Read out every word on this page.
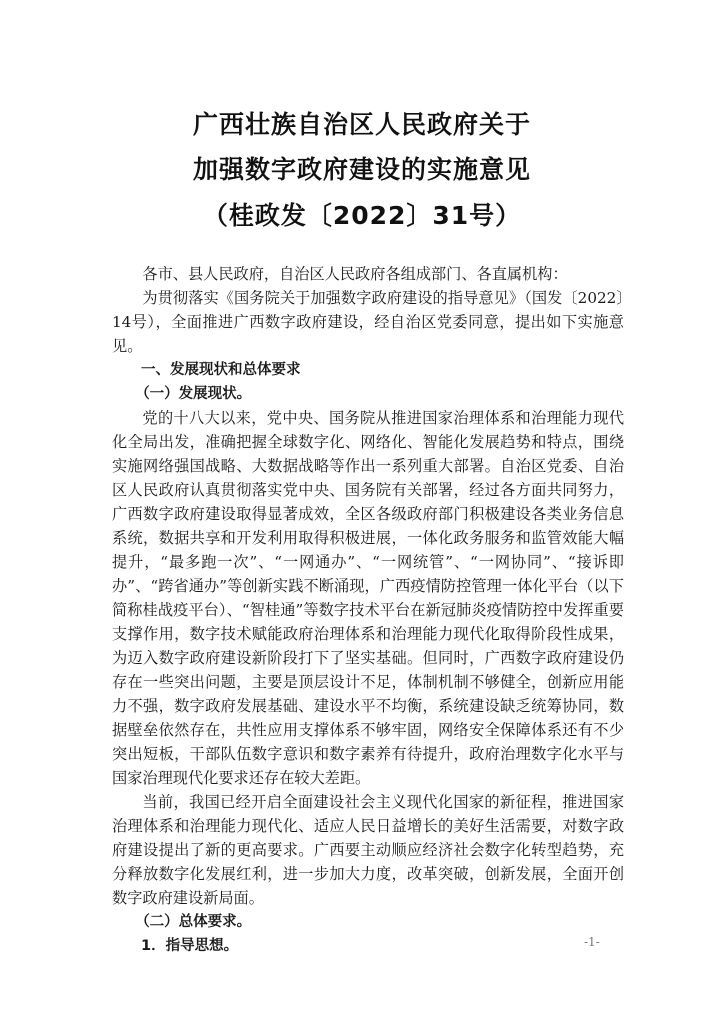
广西壮族自治区人民政府关于
加强数字政府建设的实施意见
（桂政发〔2022〕31号）

各市、县人民政府，自治区人民政府各组成部门、各直属机构：

为贯彻落实《国务院关于加强数字政府建设的指导意见》（国发〔2022〕14号），全面推进广西数字政府建设，经自治区党委同意，提出如下实施意见。

一、发展现状和总体要求

（一）发展现状。

党的十八大以来，党中央、国务院从推进国家治理体系和治理能力现代化全局出发，准确把握全球数字化、网络化、智能化发展趋势和特点，围绕实施网络强国战略、大数据战略等作出一系列重大部署。自治区党委、自治区人民政府认真贯彻落实党中央、国务院有关部署，经过各方面共同努力，广西数字政府建设取得显著成效，全区各级政府部门积极建设各类业务信息系统，数据共享和开发利用取得积极进展，一体化政务服务和监管效能大幅提升，“最多跑一次”、“一网通办”、“一网统管”、“一网协同”、“接诉即办”、“跨省通办”等创新实践不断涌现，广西疫情防控管理一体化平台（以下简称桂战疫平台）、“智桂通”等数字技术平台在新冠肺炎疫情防控中发挥重要支撑作用，数字技术赋能政府治理体系和治理能力现代化取得阶段性成果，为迈入数字政府建设新阶段打下了坚实基础。但同时，广西数字政府建设仍存在一些突出问题，主要是顶层设计不足，体制机制不够健全，创新应用能力不强，数字政府发展基础、建设水平不均衡，系统建设缺乏统筹协同，数据壁垒依然存在，共性应用支撑体系不够牢固，网络安全保障体系还有不少突出短板，干部队伍数字意识和数字素养有待提升，政府治理数字化水平与国家治理现代化要求还存在较大差距。

当前，我国已经开启全面建设社会主义现代化国家的新征程，推进国家治理体系和治理能力现代化、适应人民日益增长的美好生活需要，对数字政府建设提出了新的更高要求。广西要主动顺应经济社会数字化转型趋势，充分释放数字化发展红利，进一步加大力度，改革突破，创新发展，全面开创数字政府建设新局面。

（二）总体要求。

1．指导思想。	-1-
